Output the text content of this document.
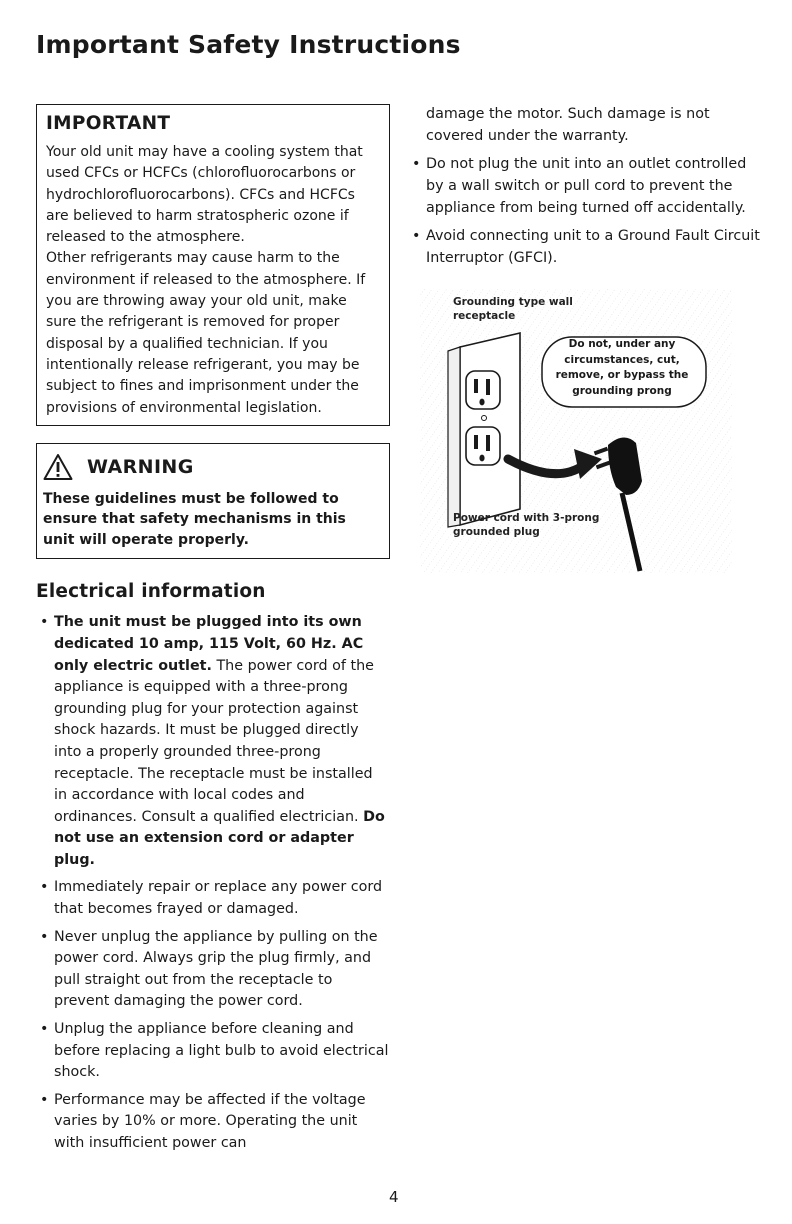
Important Safety Instructions
IMPORTANT

Your old unit may have a cooling system that used CFCs or HCFCs (chlorofluorocarbons or hydrochlorofluorocarbons). CFCs and HCFCs are believed to harm stratospheric ozone if released to the atmosphere.

Other refrigerants may cause harm to the environment if released to the atmosphere. If you are throwing away your old unit, make sure the refrigerant is removed for proper disposal by a qualified technician. If you intentionally release refrigerant, you may be subject to fines and imprisonment under the provisions of environmental legislation.

WARNING

These guidelines must be followed to ensure that safety mechanisms in this unit will operate properly.

Electrical information
• The unit must be plugged into its own dedicated 10 amp, 115 Volt, 60 Hz. AC only electric outlet. The power cord of the appliance is equipped with a three-prong grounding plug for your protection against shock hazards. It must be plugged directly into a properly grounded three-prong receptacle. The receptacle must be installed in accordance with local codes and ordinances. Consult a qualified electrician. Do not use an extension cord or adapter plug.
• Immediately repair or replace any power cord that becomes frayed or damaged.
• Never unplug the appliance by pulling on the power cord. Always grip the plug firmly, and pull straight out from the receptacle to prevent damaging the power cord.
• Unplug the appliance before cleaning and before replacing a light bulb to avoid electrical shock.
• Performance may be affected if the voltage varies by 10% or more. Operating the unit with insufficient power can

damage the motor. Such damage is not covered under the warranty.

• Do not plug the unit into an outlet controlled by a wall switch or pull cord to prevent the appliance from being turned off accidentally.
• Avoid connecting unit to a Ground Fault Circuit Interruptor (GFCI).
Grounding type wall receptacle
Do not, under any circumstances, cut, remove, or bypass the grounding prong
Power cord with 3-prong grounded plug
4
